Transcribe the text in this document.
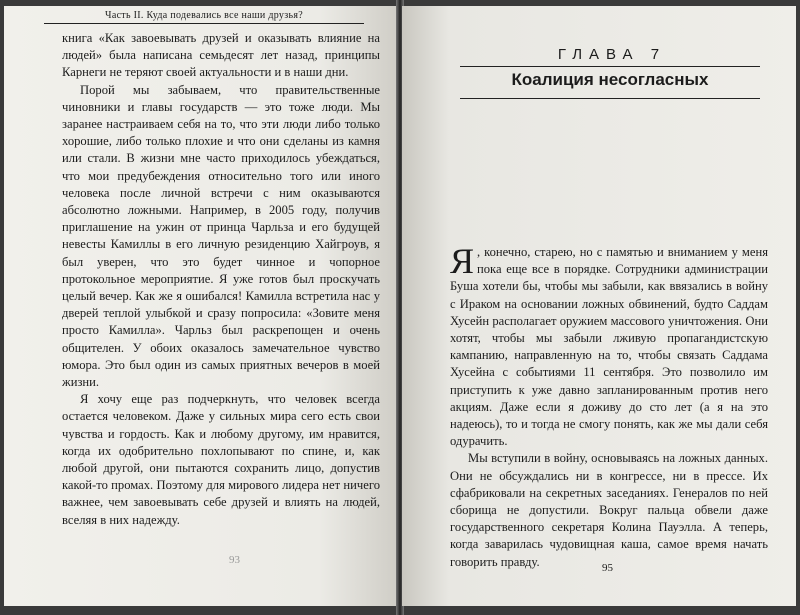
Часть II. Куда подевались все наши друзья?

книга «Как завоевывать друзей и оказывать влияние на людей» была написана семьдесят лет назад, принципы Карнеги не теряют своей актуальности и в наши дни.

Порой мы забываем, что правительственные чиновники и главы государств — это тоже люди. Мы заранее настраиваем себя на то, что эти люди либо только хорошие, либо только плохие и что они сделаны из камня или стали. В жизни мне часто приходилось убеждаться, что мои предубеждения относительно того или иного человека после личной встречи с ним оказываются абсолютно ложными. Например, в 2005 году, получив приглашение на ужин от принца Чарльза и его будущей невесты Камиллы в его личную резиденцию Хайгроув, я был уверен, что это будет чинное и чопорное протокольное мероприятие. Я уже готов был проскучать целый вечер. Как же я ошибался! Камилла встретила нас у дверей теплой улыбкой и сразу попросила: «Зовите меня просто Камилла». Чарльз был раскрепощен и очень общителен. У обоих оказалось замечательное чувство юмора. Это был один из самых приятных вечеров в моей жизни.

Я хочу еще раз подчеркнуть, что человек всегда остается человеком. Даже у сильных мира сего есть свои чувства и гордость. Как и любому другому, им нравится, когда их одобрительно похлопывают по спине, и, как любой другой, они пытаются сохранить лицо, допустив какой-то промах. Поэтому для мирового лидера нет ничего важнее, чем завоевывать себе друзей и влиять на людей, вселяя в них надежду.

93
ГЛАВА 7
Коалиция несогласных

Я , конечно, старею, но с памятью и вниманием у меня пока еще все в порядке. Сотрудники администрации Буша хотели бы, чтобы мы забыли, как ввязались в войну с Ираком на основании ложных обвинений, будто Саддам Хусейн располагает оружием массового уничтожения. Они хотят, чтобы мы забыли лживую пропагандистскую кампанию, направленную на то, чтобы связать Саддама Хусейна с событиями 11 сентября. Это позволило им приступить к уже давно запланированным против него акциям. Даже если я доживу до сто лет (а я на это надеюсь), то и тогда не смогу понять, как же мы дали себя одурачить.

Мы вступили в войну, основываясь на ложных данных. Они не обсуждались ни в конгрессе, ни в прессе. Их сфабриковали на секретных заседаниях. Генералов по ней сборища не допустили. Вокруг пальца обвели даже государственного секретаря Колина Пауэлла. А теперь, когда заварилась чудовищная каша, самое время начать говорить правду.	95
